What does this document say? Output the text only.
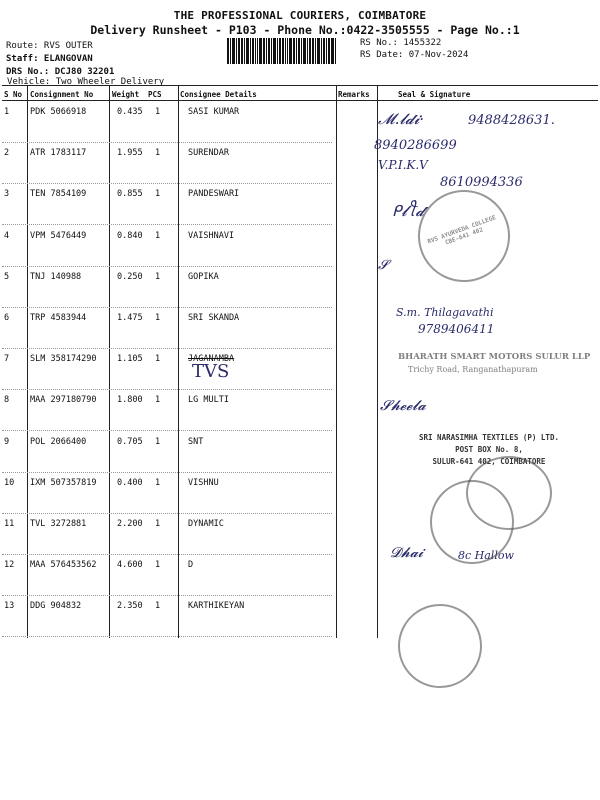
THE PROFESSIONAL COURIERS, COIMBATORE
Delivery Runsheet - P103 - Phone No.:0422-3505555 - Page No.:1
Route: RVS OUTER
Staff: ELANGOVAN
DRS No.: DCJ80 32201
Vehicle: Two Wheeler Delivery
RS No.: 1455322
RS Date: 07-Nov-2024
S No Consignment No	Weight PCS Consignee Details	Remarks	Seal & Signature
1 PDK 5066918	0.435 1	SASI KUMAR
2 ATR 1783117	1.955 1	SURENDAR
3 TEN 7854109	0.855 1	PANDESWARI
4 VPM 5476449	0.840 1	VAISHNAVI
5 TNJ 140988	0.250 1	GOPIKA
6 TRP 4583944	1.475 1	SRI SKANDA
7 SLM 358174290 1.105 1	JAGANAMBA
8 MAA 297180790 1.800 1	LG MULTI
9 POL 2066400	0.705 1	SNT
10 IXM 507357819 0.400 1	VISHNU
11 TVL 3272881	2.200 1	DYNAMIC
12 MAA 576453562 4.600 1	D
13 DDG 904832	2.350 1	KARTHIKEYAN
𝓜.𝓵𝓭𝓲·	9488428631.
8940286699
V.P.I.K.V
8610994336
ᑭ𝓵ꪻ𝓭
𝓢
S.m. Thilagavathi
9789406411
TVS
𝓢𝓱𝓮𝓮𝓵𝓪
𝓓𝓱𝓪𝓲	8c Hallow
RVS AYURVEDA COLLEGE CBE-641 402
BHARATH SMART MOTORS SULUR LLP
Trichy Road, Ranganathapuram
SRI NARASIMHA TEXTILES (P) LTD.
POST BOX No. 8,
SULUR-641 402, COIMBATORE
